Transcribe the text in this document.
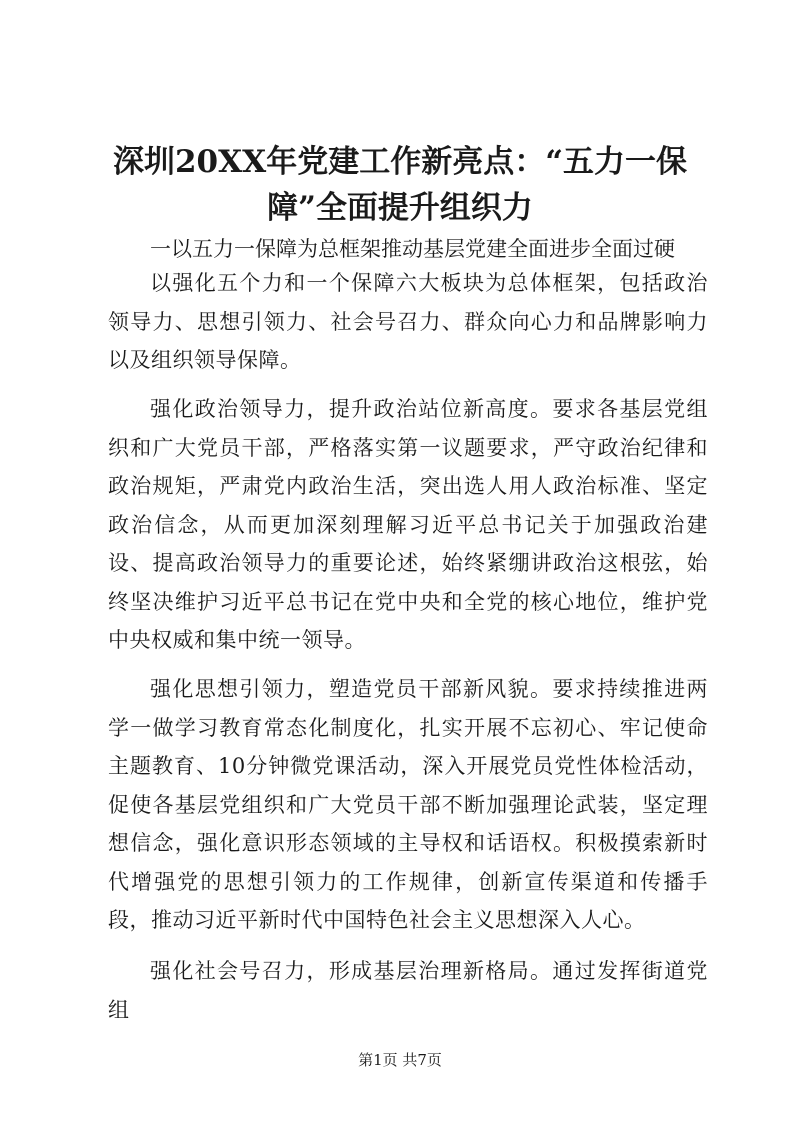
深圳20XX年党建工作新亮点：“五力一保
障”全面提升组织力

一以五力一保障为总框架推动基层党建全面进步全面过硬

以强化五个力和一个保障六大板块为总体框架，包括政治领导力、思想引领力、社会号召力、群众向心力和品牌影响力以及组织领导保障。

强化政治领导力，提升政治站位新高度。要求各基层党组织和广大党员干部，严格落实第一议题要求，严守政治纪律和政治规矩，严肃党内政治生活，突出选人用人政治标准、坚定政治信念，从而更加深刻理解习近平总书记关于加强政治建设、提高政治领导力的重要论述，始终紧绷讲政治这根弦，始终坚决维护习近平总书记在党中央和全党的核心地位，维护党中央权威和集中统一领导。

强化思想引领力，塑造党员干部新风貌。要求持续推进两学一做学习教育常态化制度化，扎实开展不忘初心、牢记使命主题教育、10分钟微党课活动，深入开展党员党性体检活动，促使各基层党组织和广大党员干部不断加强理论武装，坚定理想信念，强化意识形态领域的主导权和话语权。积极摸索新时代增强党的思想引领力的工作规律，创新宣传渠道和传播手段，推动习近平新时代中国特色社会主义思想深入人心。

强化社会号召力，形成基层治理新格局。通过发挥街道党组

第1页 共7页
